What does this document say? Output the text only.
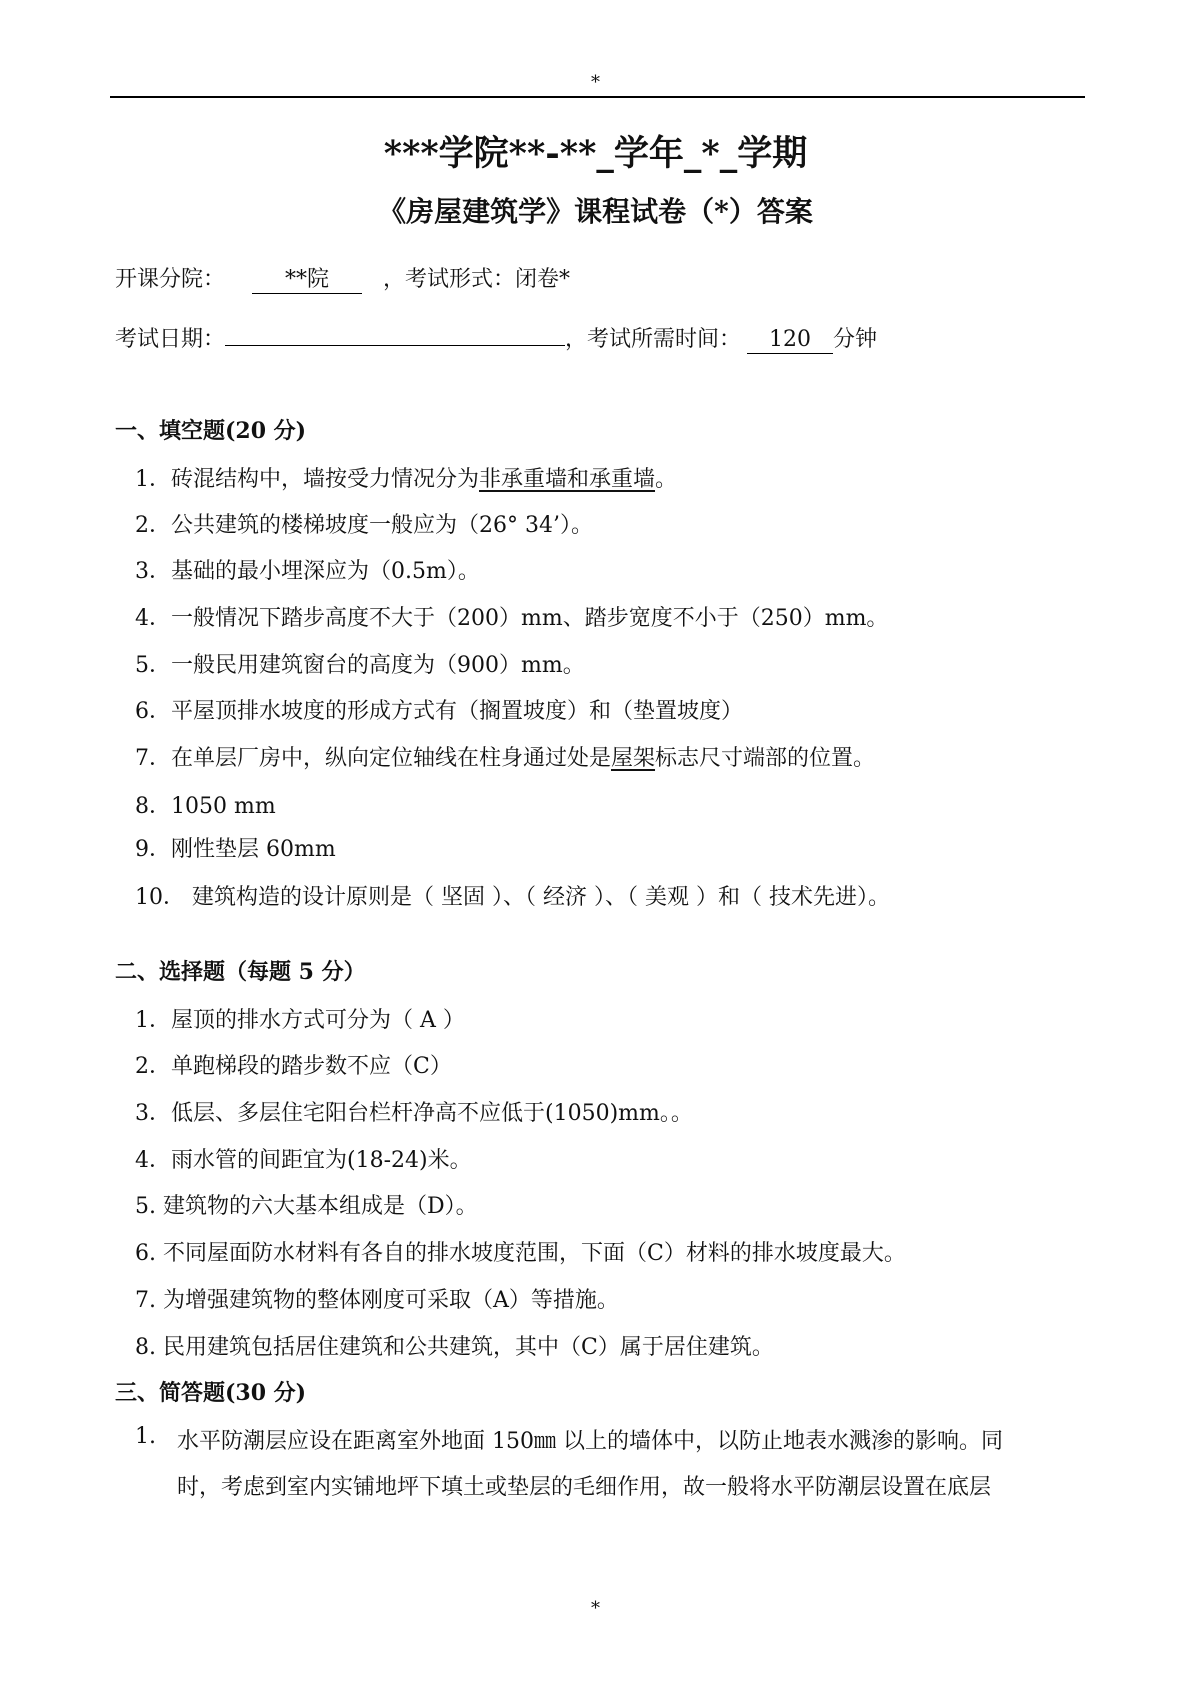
*
***学院**-**_学年_*_学期
《房屋建筑学》课程试卷（*）答案
开课分院：	**院 ，考试形式：闭卷*
考试日期：	，考试所需时间： 120 分钟
一、填空题(20 分)
1．砖混结构中，墙按受力情况分为非承重墙和承重墙。
2．公共建筑的楼梯坡度一般应为（26° 34’）。
3．基础的最小埋深应为（0.5m）。
4．一般情况下踏步高度不大于（200）mm、踏步宽度不小于（250）mm。
5．一般民用建筑窗台的高度为（900）mm。
6．平屋顶排水坡度的形成方式有（搁置坡度）和（垫置坡度）
7．在单层厂房中，纵向定位轴线在柱身通过处是屋架标志尺寸端部的位置。
8．1050 mm
9．刚性垫层 60mm
10． 建筑构造的设计原则是（ 坚固 ）、（ 经济 ）、（ 美观 ）和（ 技术先进）。
二、选择题（每题 5 分）
1．屋顶的排水方式可分为（ A ）
2．单跑梯段的踏步数不应（C）
3．低层、多层住宅阳台栏杆净高不应低于(1050)mm。。
4．雨水管的间距宜为(18-24)米。
5. 建筑物的六大基本组成是（D）。
6. 不同屋面防水材料有各自的排水坡度范围，下面（C）材料的排水坡度最大。
7. 为增强建筑物的整体刚度可采取（A）等措施。
8. 民用建筑包括居住建筑和公共建筑，其中（C）属于居住建筑。
三、简答题(30 分)
1. 水平防潮层应设在距离室外地面 150㎜ 以上的墙体中，以防止地表水溅渗的影响。同
时，考虑到室内实铺地坪下填土或垫层的毛细作用，故一般将水平防潮层设置在底层
*
